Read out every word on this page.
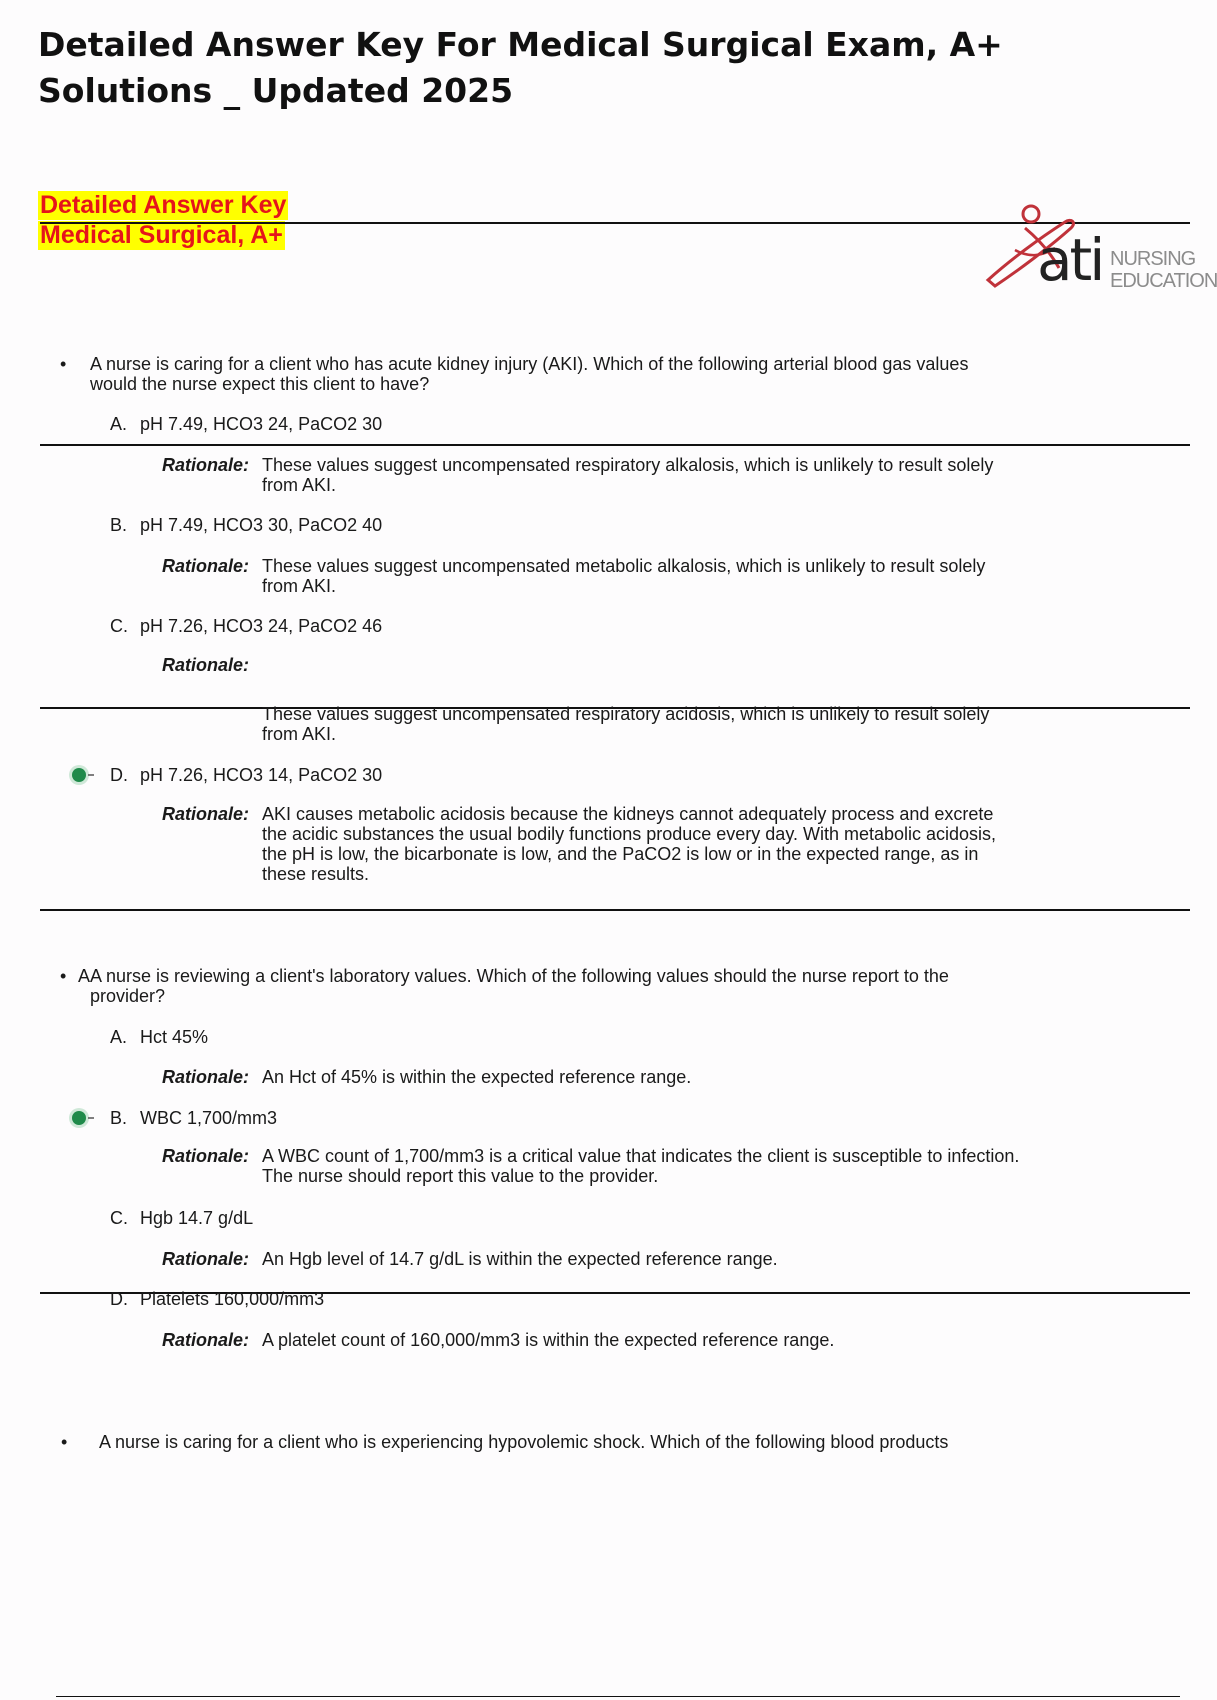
Detailed Answer Key For Medical Surgical Exam, A+ Solutions _ Updated 2025
Detailed Answer Key
Medical Surgical, A+	ati NURSING
EDUCATION
• A nurse is caring for a client who has acute kidney injury (AKI). Which of the following arterial blood gas values
would the nurse expect this client to have?
A. pH 7.49, HCO3 24, PaCO2 30
Rationale: These values suggest uncompensated respiratory alkalosis, which is unlikely to result solely
from AKI.
B. pH 7.49, HCO3 30, PaCO2 40
Rationale: These values suggest uncompensated metabolic alkalosis, which is unlikely to result solely
from AKI.
C. pH 7.26, HCO3 24, PaCO2 46
Rationale:
These values suggest uncompensated respiratory acidosis, which is unlikely to result solely
from AKI.
D. pH 7.26, HCO3 14, PaCO2 30
Rationale: AKI causes metabolic acidosis because the kidneys cannot adequately process and excrete
the acidic substances the usual bodily functions produce every day. With metabolic acidosis,
the pH is low, the bicarbonate is low, and the PaCO2 is low or in the expected range, as in
these results.
• AA nurse is reviewing a client's laboratory values. Which of the following values should the nurse report to the
provider?
A. Hct 45%
Rationale: An Hct of 45% is within the expected reference range.
B. WBC 1,700/mm3
Rationale: A WBC count of 1,700/mm3 is a critical value that indicates the client is susceptible to infection.
The nurse should report this value to the provider.
C. Hgb 14.7 g/dL
Rationale: An Hgb level of 14.7 g/dL is within the expected reference range.
D. Platelets 160,000/mm3
Rationale: A platelet count of 160,000/mm3 is within the expected reference range.
• A nurse is caring for a client who is experiencing hypovolemic shock. Which of the following blood products
